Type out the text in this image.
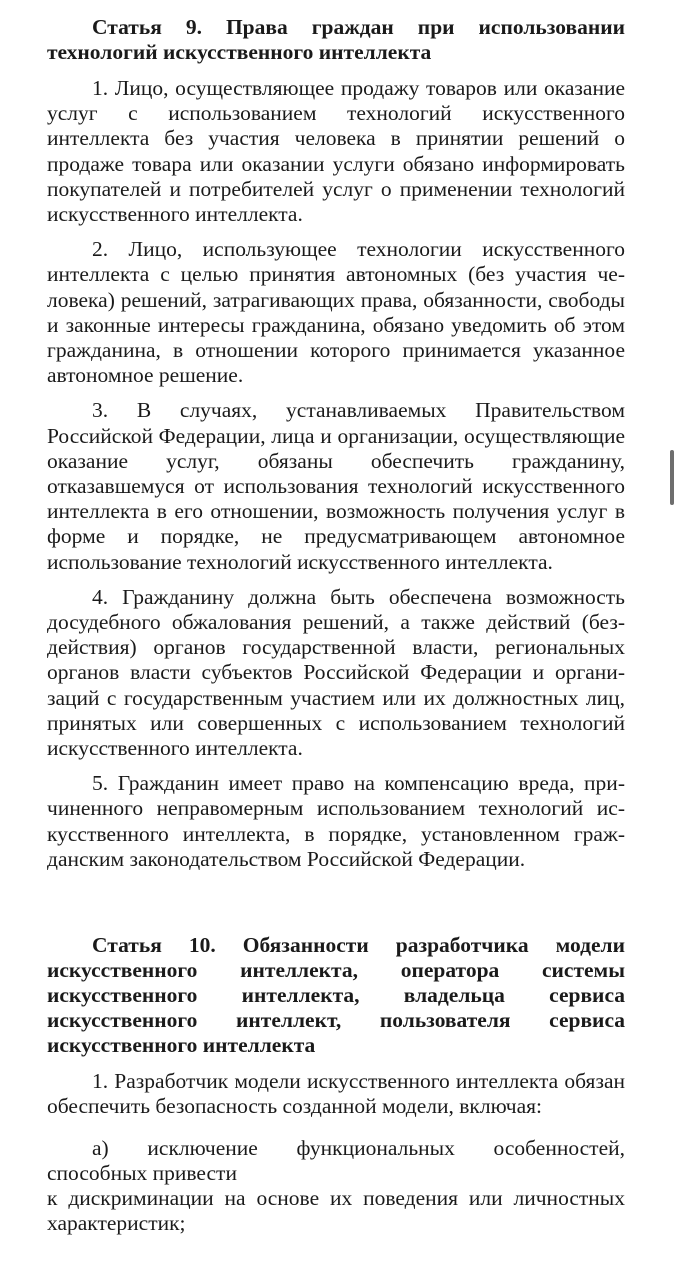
Статья 9. Права граждан при использовании технологий искусственного интеллекта

1. Лицо, осуществляющее продажу товаров или оказание услуг с использованием технологий искусственного интеллекта без участия человека в принятии решений о продаже товара или оказании услуги обязано информировать покупателей и потребителей услуг о применении технологий искусственного интеллекта.

2. Лицо, использующее технологии искусственного интеллекта с целью принятия автономных (без участия человека) решений, затрагивающих права, обязанности, свободы и законные интересы гражданина, обязано уведомить об этом гражданина, в отношении которого принимается указанное автономное решение.

3. В случаях, устанавливаемых Правительством Российской Федерации, лица и организации, осуществляющие оказание услуг, обязаны обеспечить гражданину, отказавшемуся от использования технологий искусственного интеллекта в его отношении, возможность получения услуг в форме и порядке, не предусматривающем автономное использование технологий искусственного интеллекта.

4. Гражданину должна быть обеспечена возможность досудебного обжалования решений, а также действий (бездействия) органов государственной власти, региональных органов власти субъектов Российской Федерации и организаций с государственным участием или их должностных лиц, принятых или совершенных с использованием технологий искусственного интеллекта.

5. Гражданин имеет право на компенсацию вреда, причиненного неправомерным использованием технологий искусственного интеллекта, в порядке, установленном гражданским законодательством Российской Федерации.

Статья 10. Обязанности разработчика модели искусственного интеллекта, оператора системы искусственного интеллекта, владельца сервиса искусственного интеллект, пользователя сервиса искусственного интеллекта

1. Разработчик модели искусственного интеллекта обязан обеспечить безопасность созданной модели, включая:

а) исключение функциональных особенностей,
способных привести
к дискриминации на основе их поведения или личностных характеристик;
